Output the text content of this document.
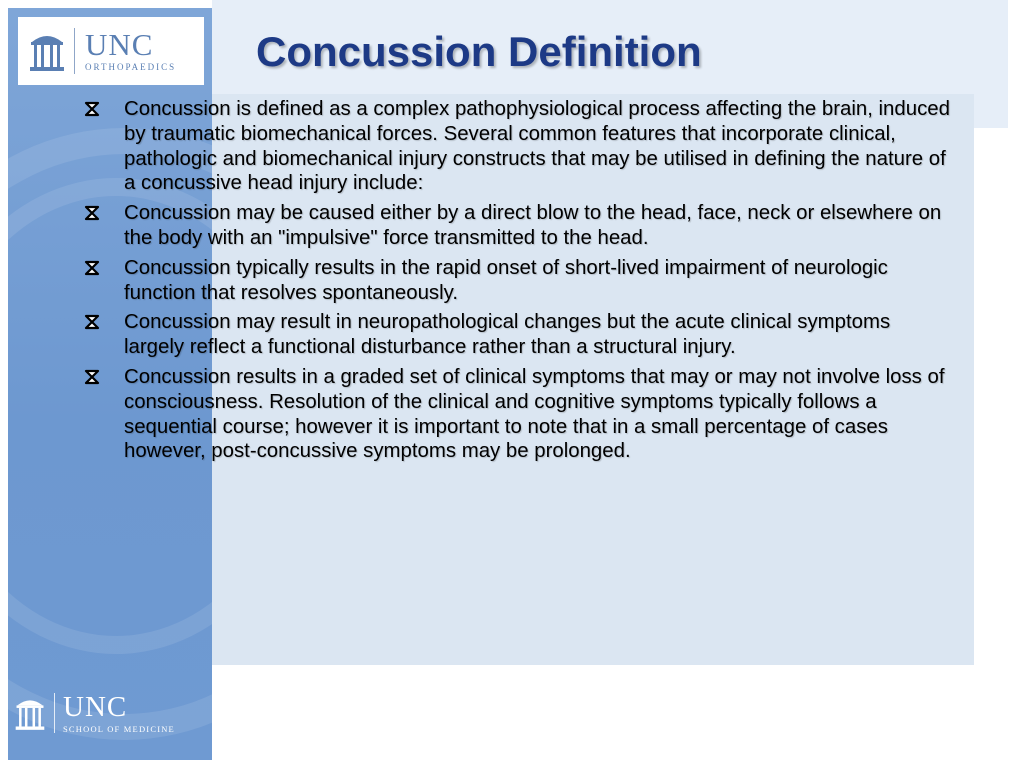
UNC
ORTHOPAEDICS
UNC
SCHOOL OF MEDICINE
Concussion Definition
Concussion is defined as a complex pathophysiological process affecting the brain, induced by traumatic biomechanical forces. Several common features that incorporate clinical, pathologic and biomechanical injury constructs that may be utilised in defining the nature of a concussive head injury include:
Concussion may be caused either by a direct blow to the head, face, neck or elsewhere on the body with an "impulsive" force transmitted to the head.
Concussion typically results in the rapid onset of short-lived impairment of neurologic function that resolves spontaneously.
Concussion may result in neuropathological changes but the acute clinical symptoms largely reflect a functional disturbance rather than a structural injury.
Concussion results in a graded set of clinical symptoms that may or may not involve loss of consciousness. Resolution of the clinical and cognitive symptoms typically follows a sequential course; however it is important to note that in a small percentage of cases however, post-concussive symptoms may be prolonged.
